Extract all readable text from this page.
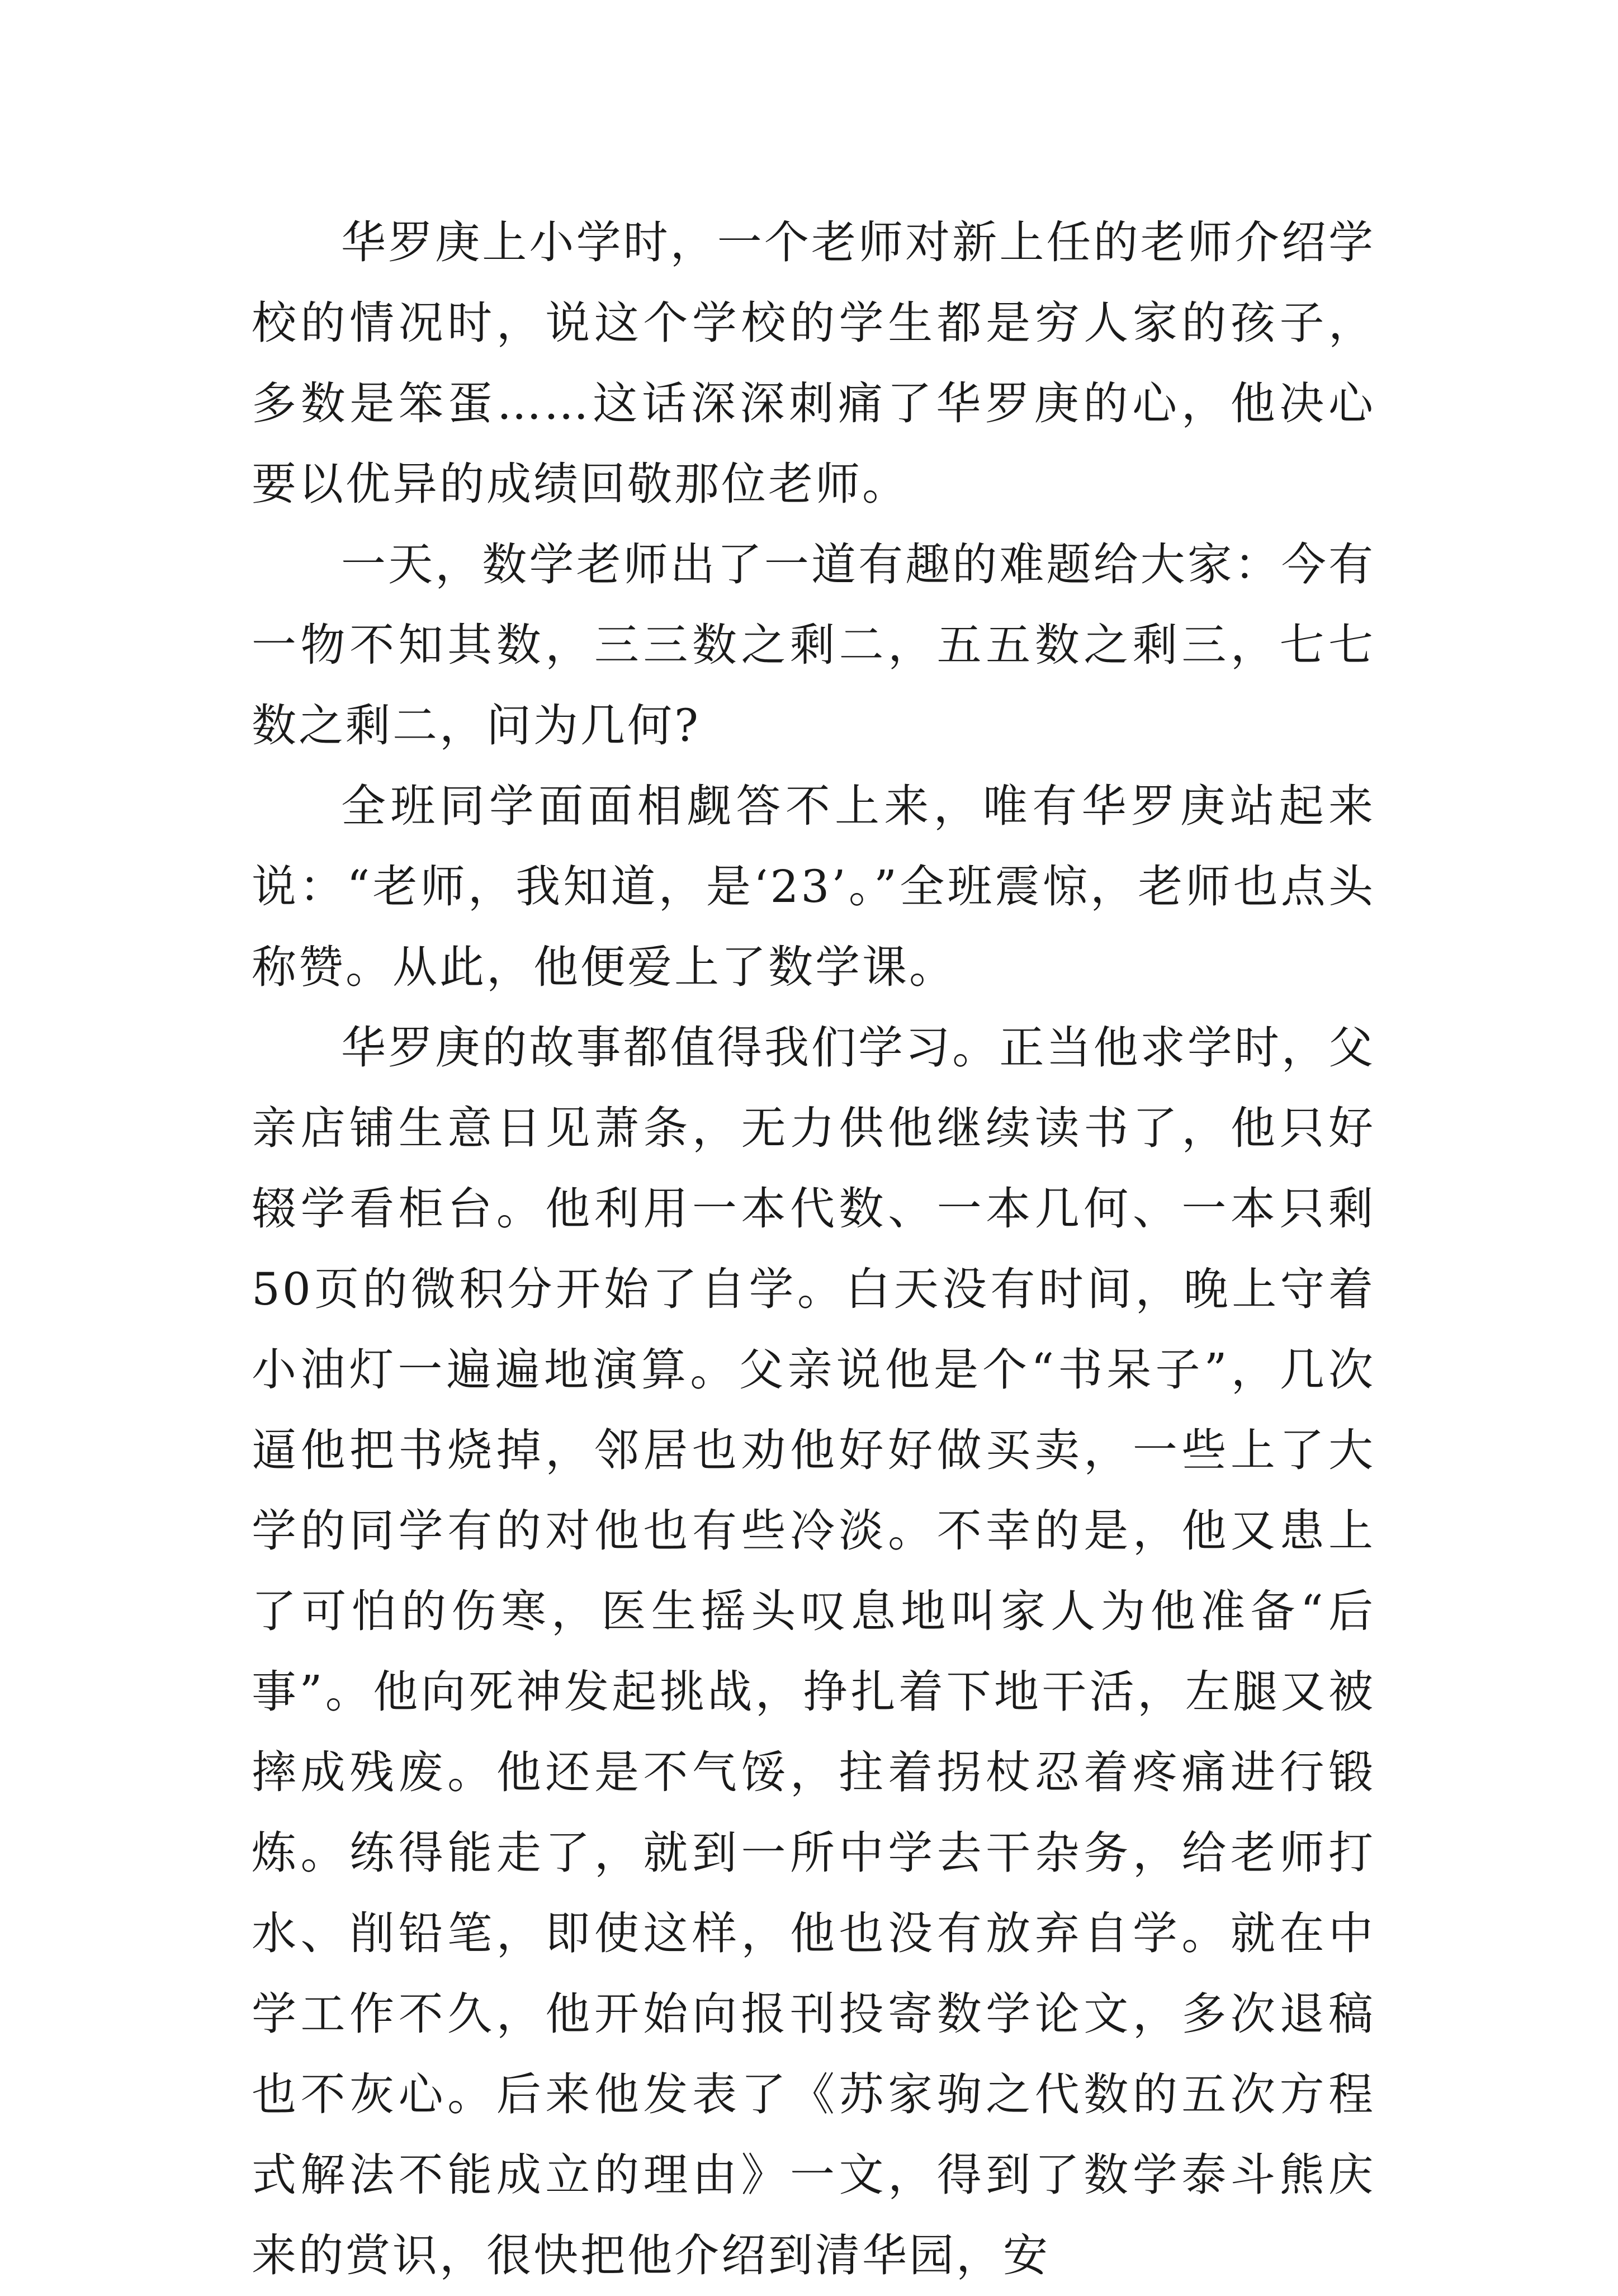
华罗庚上小学时，一个老师对新上任的老师介绍学校的情况时，说这个学校的学生都是穷人家的孩子，多数是笨蛋……这话深深刺痛了华罗庚的心，他决心要以优异的成绩回敬那位老师。

一天，数学老师出了一道有趣的难题给大家：今有一物不知其数，三三数之剩二，五五数之剩三，七七数之剩二，问为几何?

全班同学面面相觑答不上来，唯有华罗庚站起来说：“老师，我知道，是‘23’。”全班震惊，老师也点头称赞。从此，他便爱上了数学课。

华罗庚的故事都值得我们学习。正当他求学时，父亲店铺生意日见萧条，无力供他继续读书了，他只好辍学看柜台。他利用一本代数、一本几何、一本只剩50页的微积分开始了自学。白天没有时间，晚上守着小油灯一遍遍地演算。父亲说他是个“书呆子”，几次逼他把书烧掉，邻居也劝他好好做买卖，一些上了大学的同学有的对他也有些冷淡。不幸的是，他又患上了可怕的伤寒，医生摇头叹息地叫家人为他准备“后事”。他向死神发起挑战，挣扎着下地干活，左腿又被摔成残废。他还是不气馁，拄着拐杖忍着疼痛进行锻炼。练得能走了，就到一所中学去干杂务，给老师打水、削铅笔，即使这样，他也没有放弃自学。就在中学工作不久，他开始向报刊投寄数学论文，多次退稿也不灰心。后来他发表了《苏家驹之代数的五次方程式解法不能成立的理由》一文，得到了数学泰斗熊庆来的赏识，很快把他介绍到清华园，安
